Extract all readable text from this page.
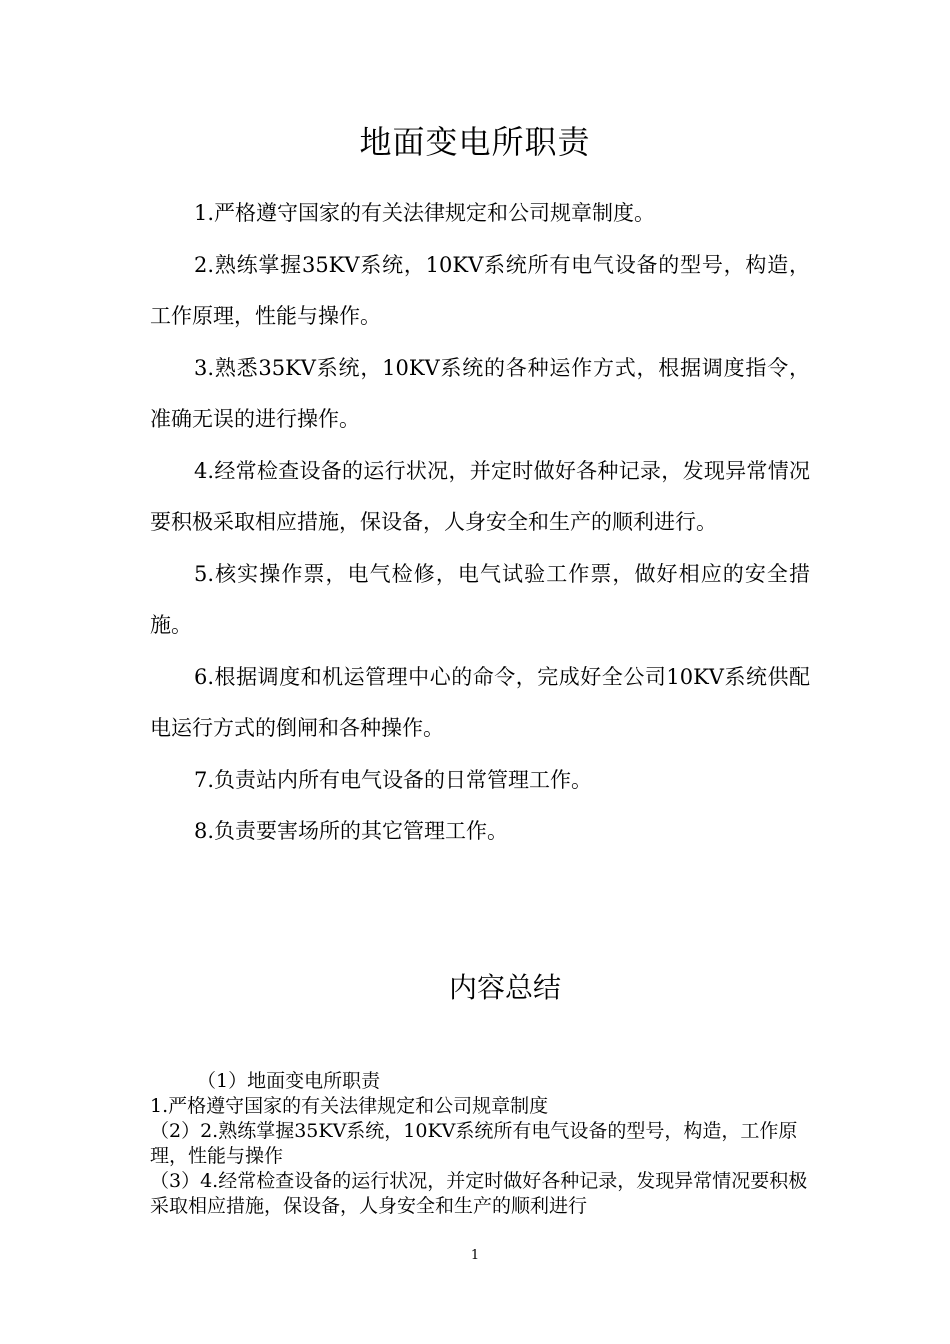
地面变电所职责

1.严格遵守国家的有关法律规定和公司规章制度。

2.熟练掌握35KV系统，10KV系统所有电气设备的型号，构造，工作原理，性能与操作。

3.熟悉35KV系统，10KV系统的各种运作方式，根据调度指令，准确无误的进行操作。

4.经常检查设备的运行状况，并定时做好各种记录，发现异常情况要积极采取相应措施，保设备，人身安全和生产的顺利进行。

5.核实操作票，电气检修，电气试验工作票，做好相应的安全措施。

6.根据调度和机运管理中心的命令，完成好全公司10KV系统供配电运行方式的倒闸和各种操作。

7.负责站内所有电气设备的日常管理工作。

8.负责要害场所的其它管理工作。

内容总结

（1）地面变电所职责

1.严格遵守国家的有关法律规定和公司规章制度

（2）2.熟练掌握35KV系统，10KV系统所有电气设备的型号，构造，工作原理，性能与操作

（3）4.经常检查设备的运行状况，并定时做好各种记录，发现异常情况要积极采取相应措施，保设备，人身安全和生产的顺利进行

1
